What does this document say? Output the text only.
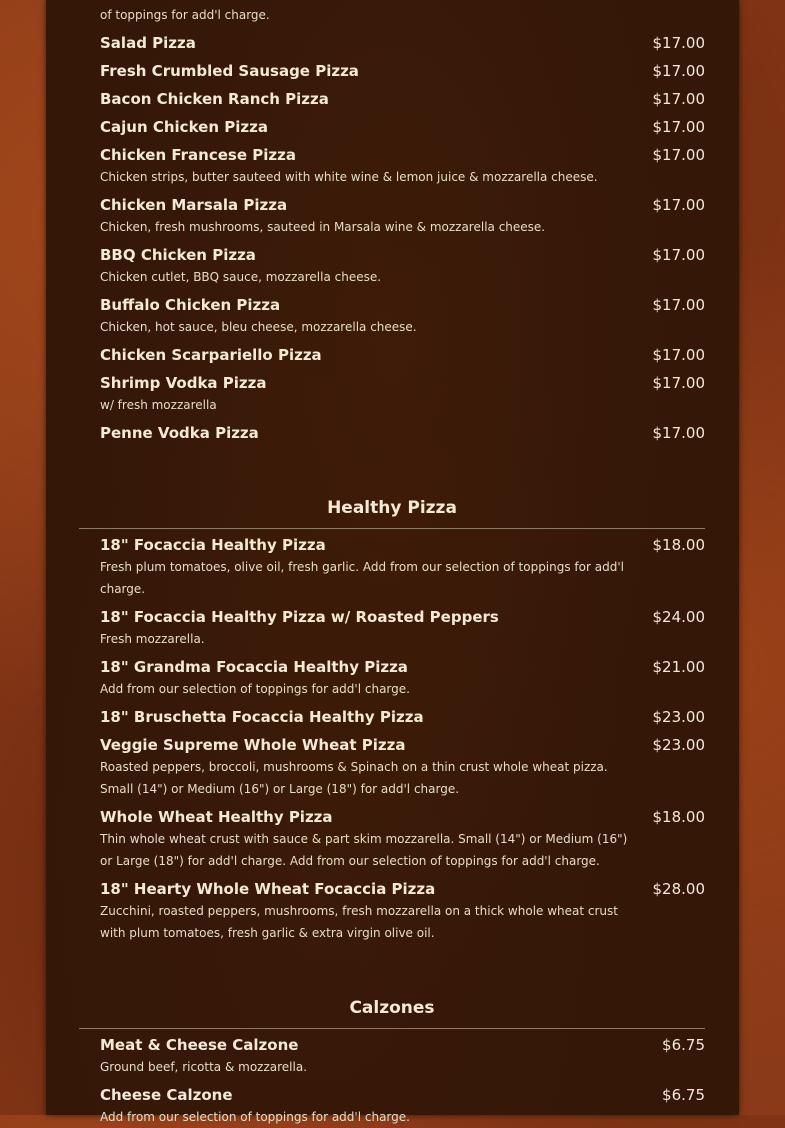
of toppings for add'l charge.
Salad Pizza	$17.00
Fresh Crumbled Sausage Pizza	$17.00
Bacon Chicken Ranch Pizza	$17.00
Cajun Chicken Pizza	$17.00
Chicken Francese Pizza	$17.00
Chicken strips, butter sauteed with white wine & lemon juice & mozzarella cheese.
Chicken Marsala Pizza	$17.00
Chicken, fresh mushrooms, sauteed in Marsala wine & mozzarella cheese.
BBQ Chicken Pizza	$17.00
Chicken cutlet, BBQ sauce, mozzarella cheese.
Buffalo Chicken Pizza	$17.00
Chicken, hot sauce, bleu cheese, mozzarella cheese.
Chicken Scarpariello Pizza	$17.00
Shrimp Vodka Pizza	$17.00
w/ fresh mozzarella
Penne Vodka Pizza	$17.00
Healthy Pizza
18" Focaccia Healthy Pizza	$18.00
Fresh plum tomatoes, olive oil, fresh garlic. Add from our selection of toppings for add'l charge.
18" Focaccia Healthy Pizza w/ Roasted Peppers	$24.00
Fresh mozzarella.
18" Grandma Focaccia Healthy Pizza	$21.00
Add from our selection of toppings for add'l charge.
18" Bruschetta Focaccia Healthy Pizza	$23.00
Veggie Supreme Whole Wheat Pizza	$23.00
Roasted peppers, broccoli, mushrooms & Spinach on a thin crust whole wheat pizza. Small (14") or Medium (16") or Large (18") for add'l charge.
Whole Wheat Healthy Pizza	$18.00
Thin whole wheat crust with sauce & part skim mozzarella. Small (14") or Medium (16") or Large (18") for add'l charge. Add from our selection of toppings for add'l charge.
18" Hearty Whole Wheat Focaccia Pizza	$28.00
Zucchini, roasted peppers, mushrooms, fresh mozzarella on a thick whole wheat crust with plum tomatoes, fresh garlic & extra virgin olive oil.
Calzones
Meat & Cheese Calzone	$6.75
Ground beef, ricotta & mozzarella.
Cheese Calzone	$6.75
Add from our selection of toppings for add'l charge.
